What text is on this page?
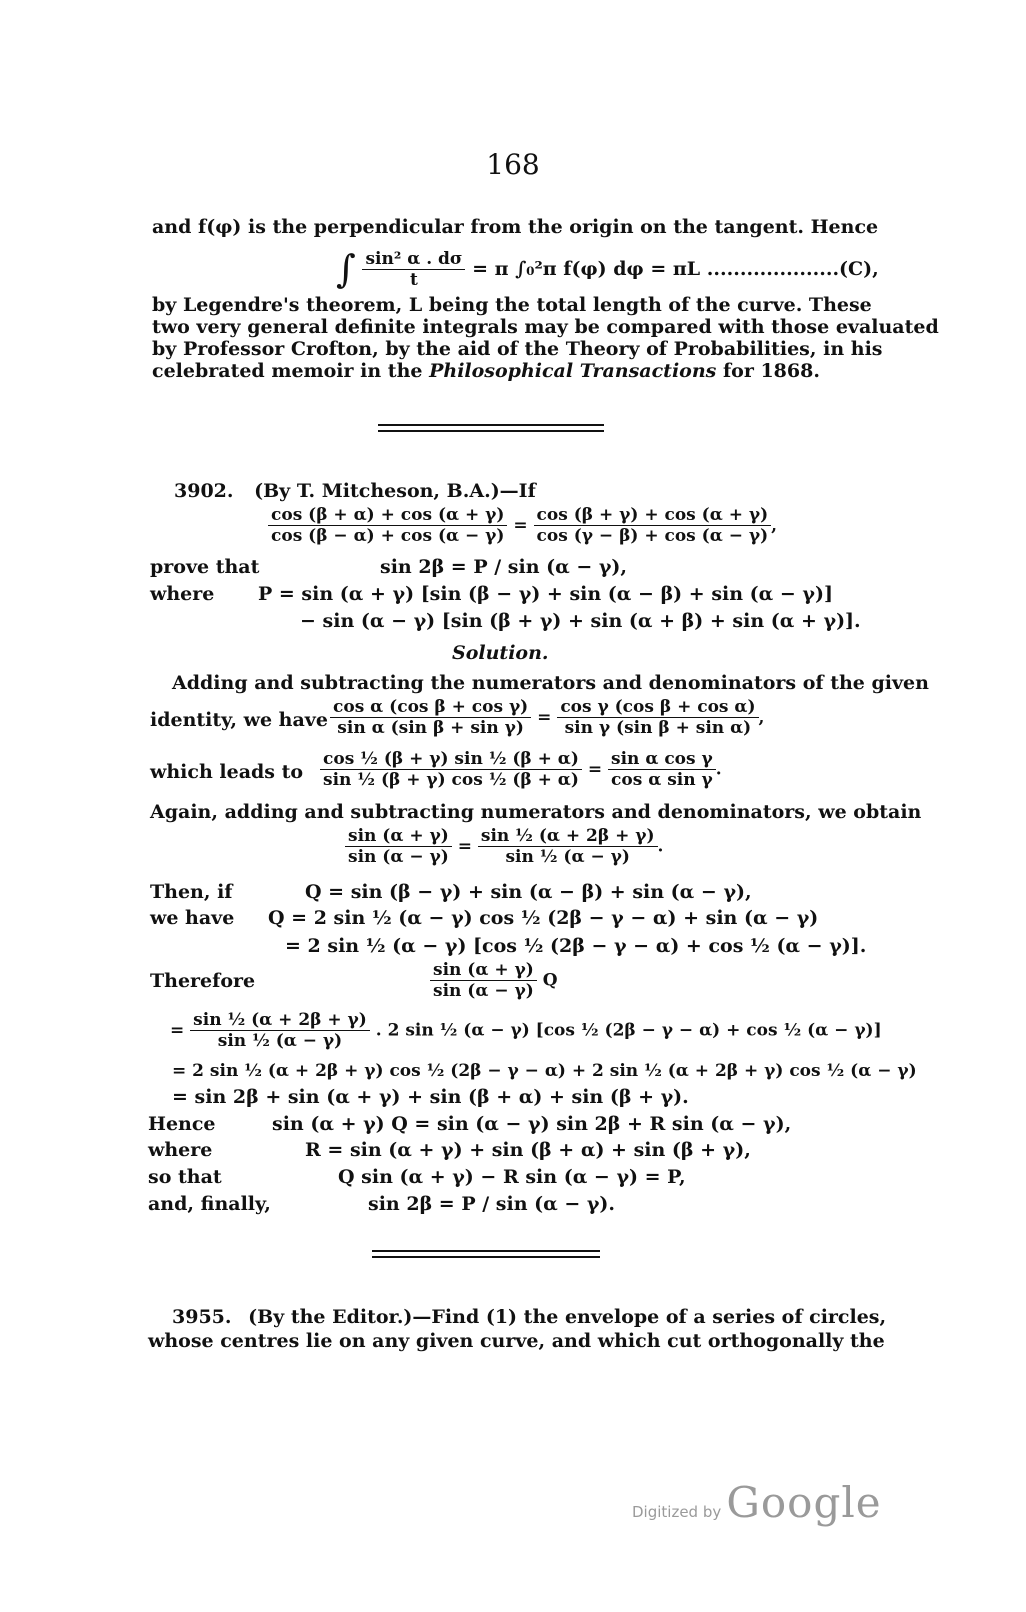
168
and f(φ) is the perpendicular from the origin on the tangent. Hence
∫ $\frac{\text{sin² α . dσ}}{t} = \pi$ ∫₀²π f(φ) dφ = πL ....................(C),
by Legendre's theorem, L being the total length of the curve. These
two very general definite integrals may be compared with those evaluated
by Professor Crofton, by the aid of the Theory of Probabilities, in his
celebrated memoir in the Philosophical Transactions for 1868.
3902. (By T. Mitcheson, B.A.)—If
$\frac{\cos (\beta + \alpha) + \cos (\alpha + \gamma)}{\cos (\beta - \alpha) + \cos (\alpha - \gamma)} = \frac{\cos (\beta + \gamma) + \cos (\alpha + \gamma)}{\cos (\gamma - \beta) + \cos (\alpha - \gamma)}$ ,
prove that	sin 2β = P / sin (α − γ),
where P = sin (α + γ) [sin (β − γ) + sin (α − β) + sin (α − γ)]
− sin (α − γ) [sin (β + γ) + sin (α + β) + sin (α + γ)].
Solution.
Adding and subtracting the numerators and denominators of the given
identity, we have $\frac{\text{cos α (cos β + cos γ)}}{\text{sin α (sin β + sin γ)}} = \frac{\text{cos γ (cos β + cos α)}}{\text{sin γ (sin β + sin α)}}$ ,
which leads to $\frac{\text{cos ½ (β + γ) sin ½ (β + α)}}{\text{sin ½ (β + γ) cos ½ (β + α)}} = \frac{\text{sin α cos γ}}{\text{cos α sin γ}}$ .
Again, adding and subtracting numerators and denominators, we obtain
$\frac{\sin (\alpha + \gamma)}{\sin (\alpha - \gamma)} = \frac{\text{sin ½ (α + 2β + γ)}}{\text{sin ½ (α − γ)}}$ .
Then, if	Q = sin (β − γ) + sin (α − β) + sin (α − γ),
we have Q = 2 sin ½ (α − γ) cos ½ (2β − γ − α) + sin (α − γ)
= 2 sin ½ (α − γ) [cos ½ (2β − γ − α) + cos ½ (α − γ)].
Therefore	$\frac{\sin (\alpha + \gamma)}{\sin (\alpha - \gamma)}$ Q
= $\frac{\text{sin ½ (α + 2β + γ)}}{\text{sin ½ (α − γ)}}$ . 2 sin ½ (α − γ) [cos ½ (2β − γ − α) + cos ½ (α − γ)]
= 2 sin ½ (α + 2β + γ) cos ½ (2β − γ − α) + 2 sin ½ (α + 2β + γ) cos ½ (α − γ)
= sin 2β + sin (α + γ) + sin (β + α) + sin (β + γ).
Hence	sin (α + γ) Q = sin (α − γ) sin 2β + R sin (α − γ),
where	R = sin (α + γ) + sin (β + α) + sin (β + γ),
so that	Q sin (α + γ) − R sin (α − γ) = P,
and, finally,	sin 2β = P / sin (α − γ).
3955. (By the Editor.)—Find (1) the envelope of a series of circles,
whose centres lie on any given curve, and which cut orthogonally the
Digitized by Google
